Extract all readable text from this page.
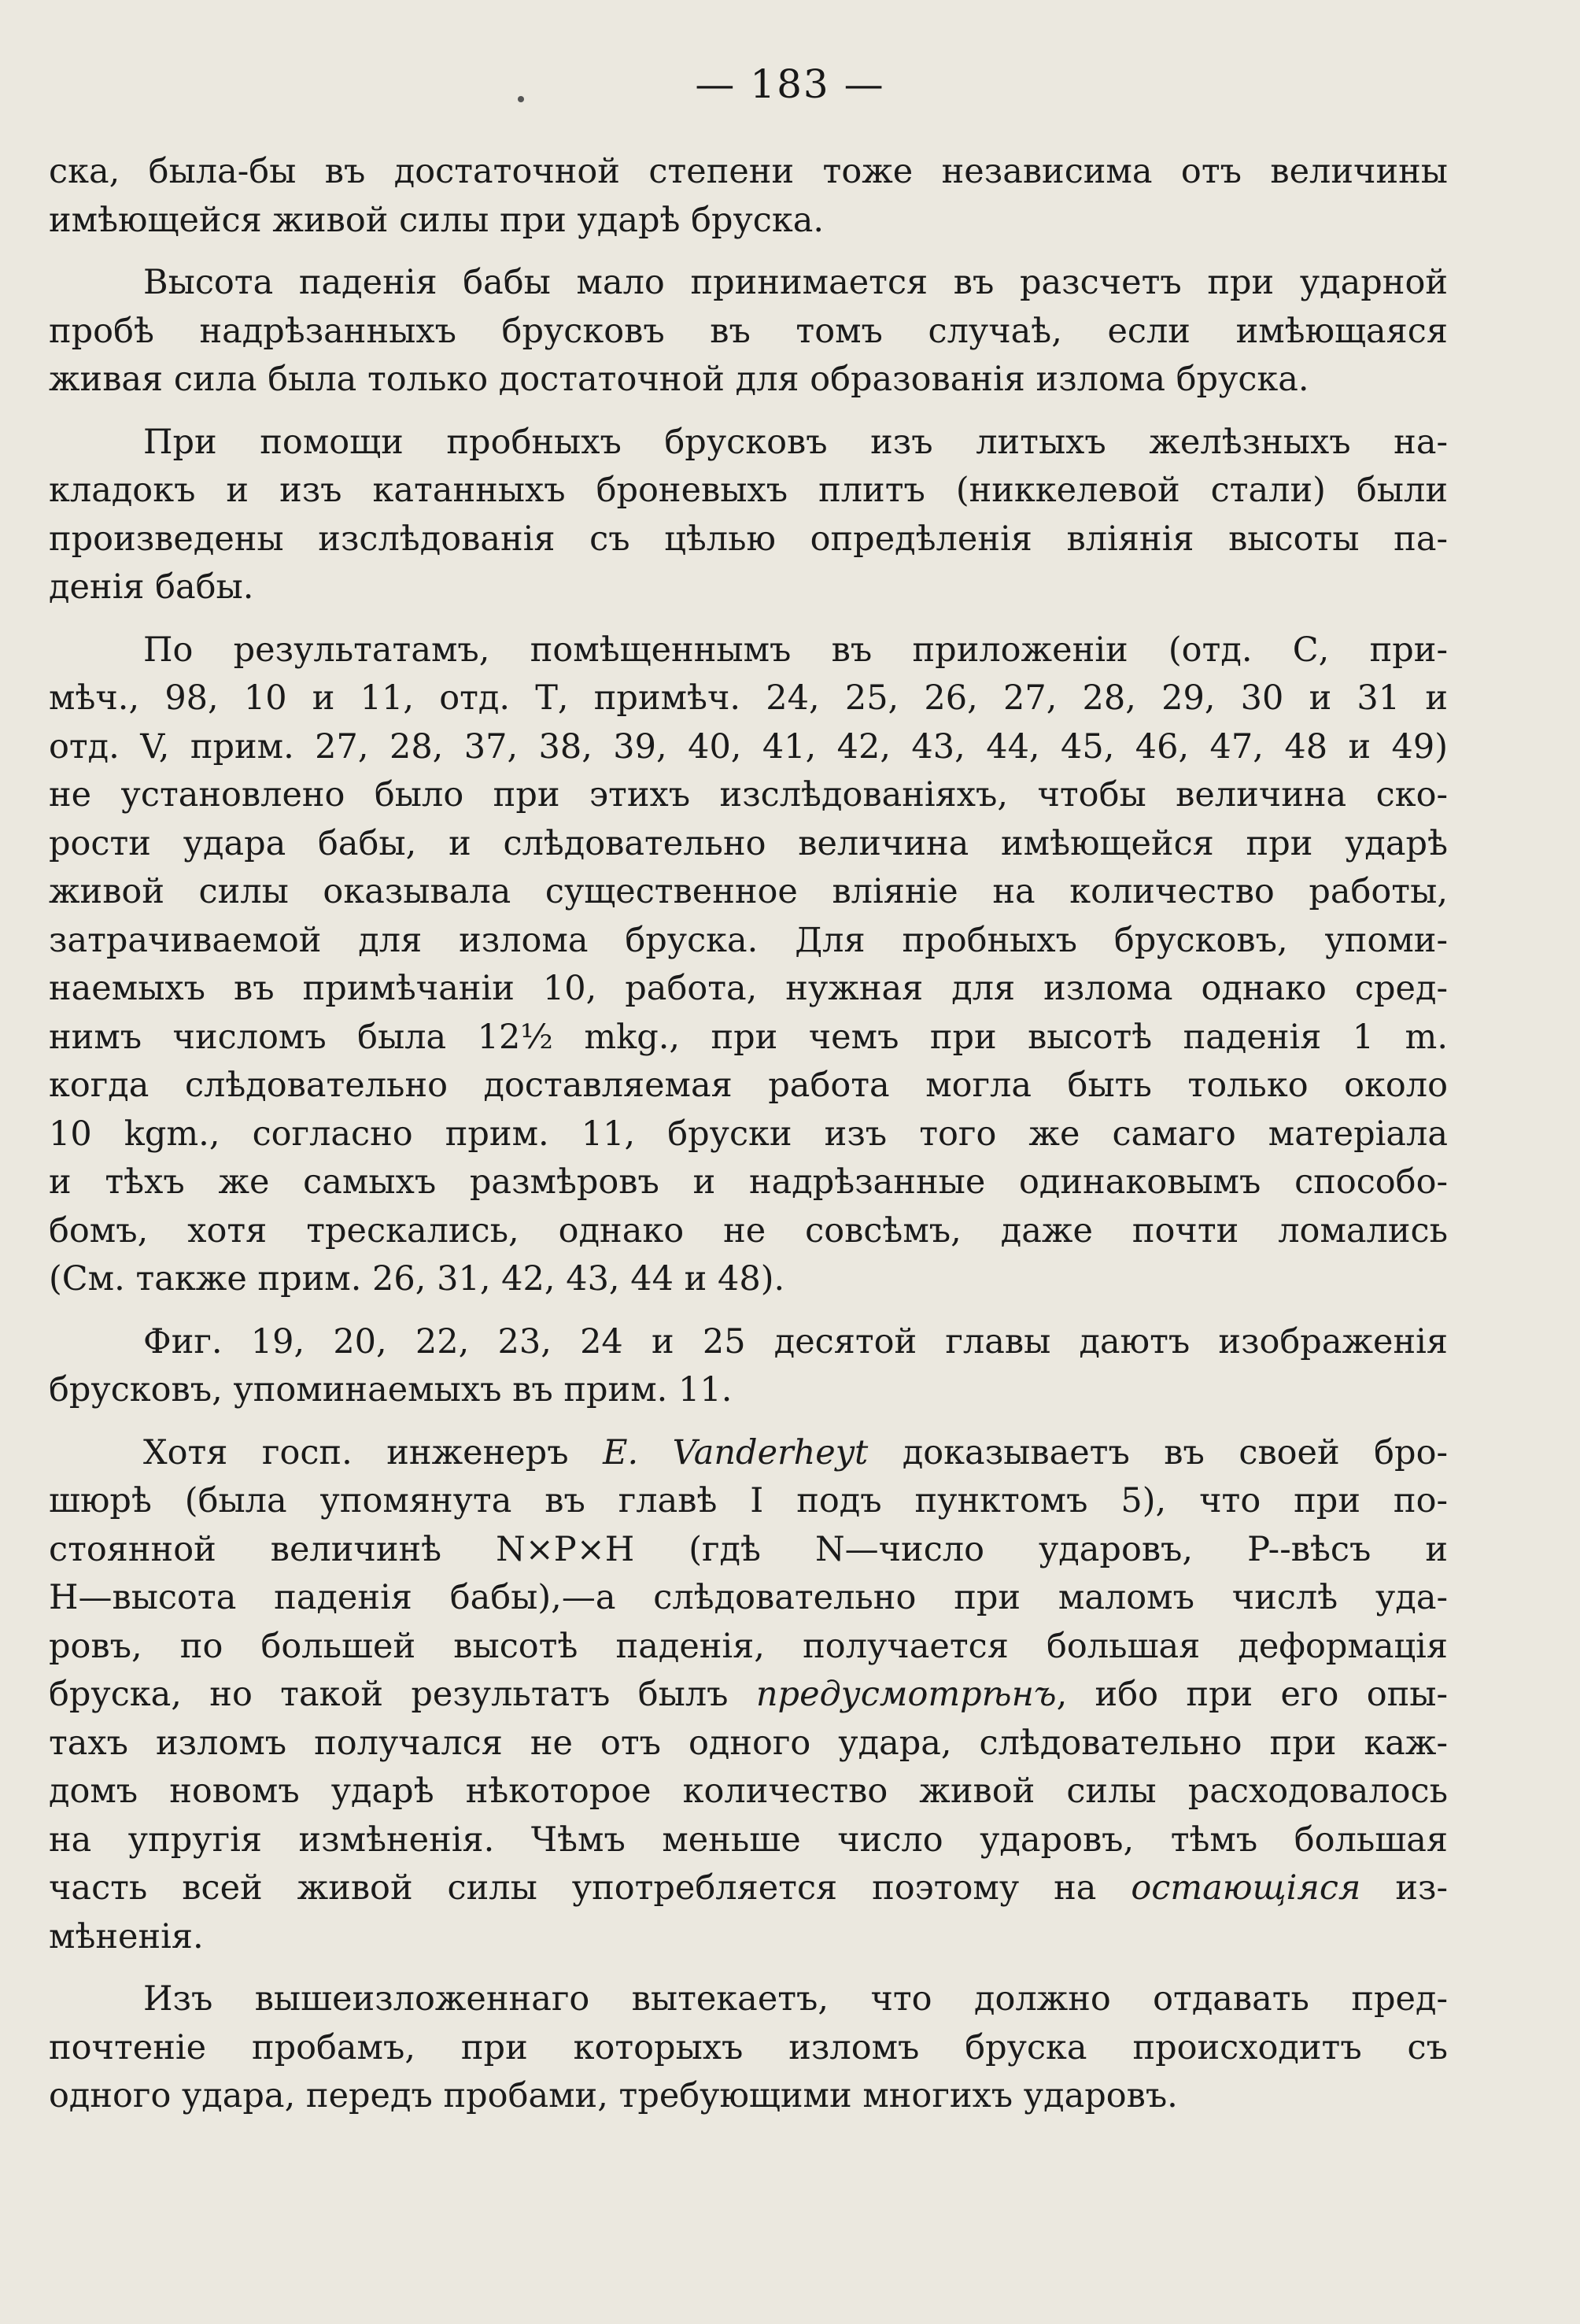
— 183 —
ска, была-бы въ достаточной степени тоже независима отъ величины
имѣющейся живой силы при ударѣ бруска.
Высота паденія бабы мало принимается въ разсчетъ при ударной
пробѣ надрѣзанныхъ брусковъ въ томъ случаѣ, если имѣющаяся
живая сила была только достаточной для образованія излома бруска.
При помощи пробныхъ брусковъ изъ литыхъ желѣзныхъ на-
кладокъ и изъ катанныхъ броневыхъ плитъ (никкелевой стали) были
произведены изслѣдованія съ цѣлью опредѣленія вліянія высоты па-
денія бабы.
По результатамъ, помѣщеннымъ въ приложеніи (отд. С, при-
мѣч., 98, 10 и 11, отд. Т, примѣч. 24, 25, 26, 27, 28, 29, 30 и 31 и
отд. V, прим. 27, 28, 37, 38, 39, 40, 41, 42, 43, 44, 45, 46, 47, 48 и 49)
не установлено было при этихъ изслѣдованіяхъ, чтобы величина ско-
рости удара бабы, и слѣдовательно величина имѣющейся при ударѣ
живой силы оказывала существенное вліяніе на количество работы,
затрачиваемой для излома бруска. Для пробныхъ брусковъ, упоми-
наемыхъ въ примѣчаніи 10, работа, нужная для излома однако сред-
нимъ числомъ была 12½ mkg., при чемъ при высотѣ паденія 1 m.
когда слѣдовательно доставляемая работа могла быть только около
10 kgm., согласно прим. 11, бруски изъ того же самаго матеріала
и тѣхъ же самыхъ размѣровъ и надрѣзанные одинаковымъ способо-
бомъ, хотя трескались, однако не совсѣмъ, даже почти ломались
(См. также прим. 26, 31, 42, 43, 44 и 48).
Фиг. 19, 20, 22, 23, 24 и 25 десятой главы даютъ изображенія
брусковъ, упоминаемыхъ въ прим. 11.
Хотя госп. инженеръ E. Vanderheyt доказываетъ въ своей бро-
шюрѣ (была упомянута въ главѣ I подъ пунктомъ 5), что при по-
стоянной величинѣ N×P×H (гдѣ N—число ударовъ, P--вѣсъ и
H—высота паденія бабы),—а слѣдовательно при маломъ числѣ уда-
ровъ, по большей высотѣ паденія, получается большая деформація
бруска, но такой результатъ былъ предусмотрѣнъ, ибо при его опы-
тахъ изломъ получался не отъ одного удара, слѣдовательно при каж-
домъ новомъ ударѣ нѣкоторое количество живой силы расходовалось
на упругія измѣненія. Чѣмъ меньше число ударовъ, тѣмъ большая
часть всей живой силы употребляется поэтому на остающіяся из-
мѣненія.
Изъ вышеизложеннаго вытекаетъ, что должно отдавать пред-
почтеніе пробамъ, при которыхъ изломъ бруска происходитъ съ
одного удара, передъ пробами, требующими многихъ ударовъ.
